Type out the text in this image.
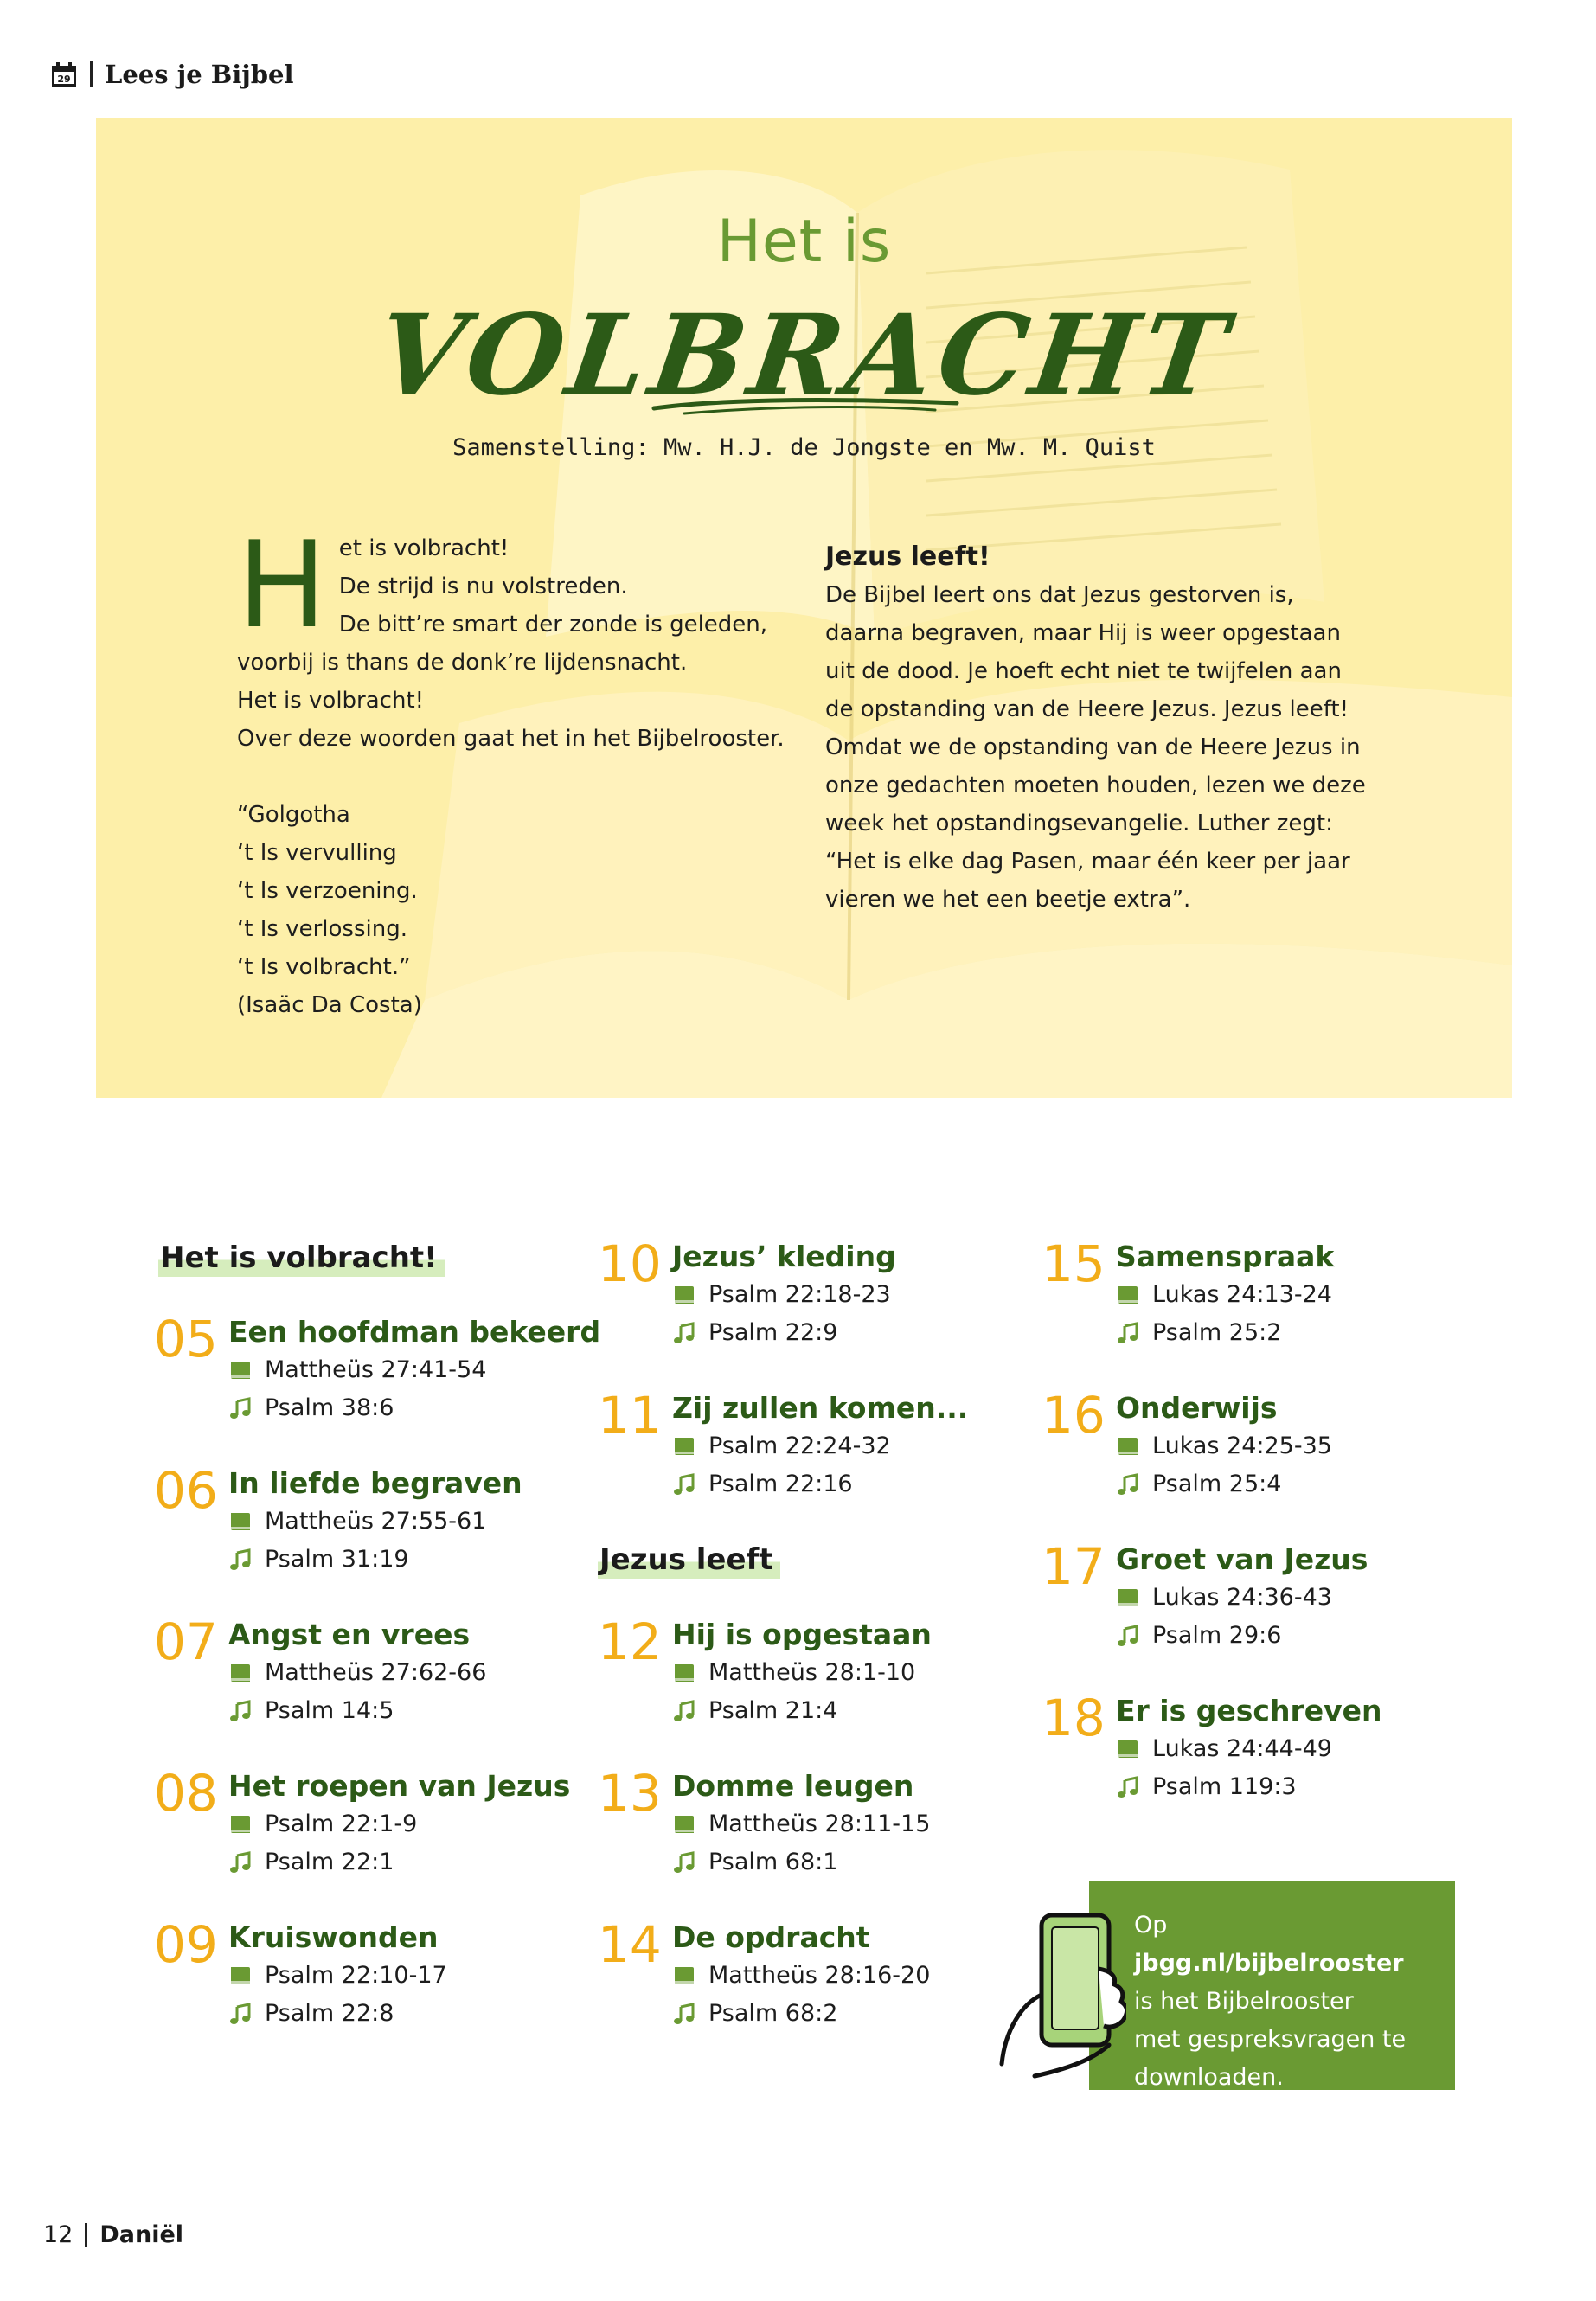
29 Lees je Bijbel
Het is
VOLBRACHT
Samenstelling: Mw. H.J. de Jongste en Mw. M. Quist
H et is volbracht!
De strijd is nu volstreden.
De bitt’re smart der zonde is geleden,
voorbij is thans de donk’re lijdensnacht.
Het is volbracht!
Over deze woorden gaat het in het Bijbelrooster.
“Golgotha
‘t Is vervulling
‘t Is verzoening.
‘t Is verlossing.
‘t Is volbracht.”
(Isaäc Da Costa)
Jezus leeft!
De Bijbel leert ons dat Jezus gestorven is,
daarna begraven, maar Hij is weer opgestaan
uit de dood. Je hoeft echt niet te twijfelen aan
de opstanding van de Heere Jezus. Jezus leeft!
Omdat we de opstanding van de Heere Jezus in
onze gedachten moeten houden, lezen we deze
week het opstandingsevangelie. Luther zegt:
“Het is elke dag Pasen, maar één keer per jaar
vieren we het een beetje extra”.
Het is volbracht!
Jezus leeft
05 Een hoofdman bekeerd
Mattheüs 27:41-54
Psalm 38:6
06 In liefde begraven
Mattheüs 27:55-61
Psalm 31:19
07 Angst en vrees
Mattheüs 27:62-66
Psalm 14:5
08 Het roepen van Jezus
Psalm 22:1-9
Psalm 22:1
09 Kruiswonden
Psalm 22:10-17
Psalm 22:8
10 Jezus’ kleding
Psalm 22:18-23
Psalm 22:9
11 Zij zullen komen...
Psalm 22:24-32
Psalm 22:16
12 Hij is opgestaan
Mattheüs 28:1-10
Psalm 21:4
13 Domme leugen
Mattheüs 28:11-15
Psalm 68:1
14 De opdracht
Mattheüs 28:16-20
Psalm 68:2
15 Samenspraak
Lukas 24:13-24
Psalm 25:2
16 Onderwijs
Lukas 24:25-35
Psalm 25:4
17 Groet van Jezus
Lukas 24:36-43
Psalm 29:6
18 Er is geschreven
Lukas 24:44-49
Psalm 119:3
Op jbgg.nl/bijbelrooster
is het Bijbelrooster
met gespreksvragen te
downloaden.
12 Daniël
